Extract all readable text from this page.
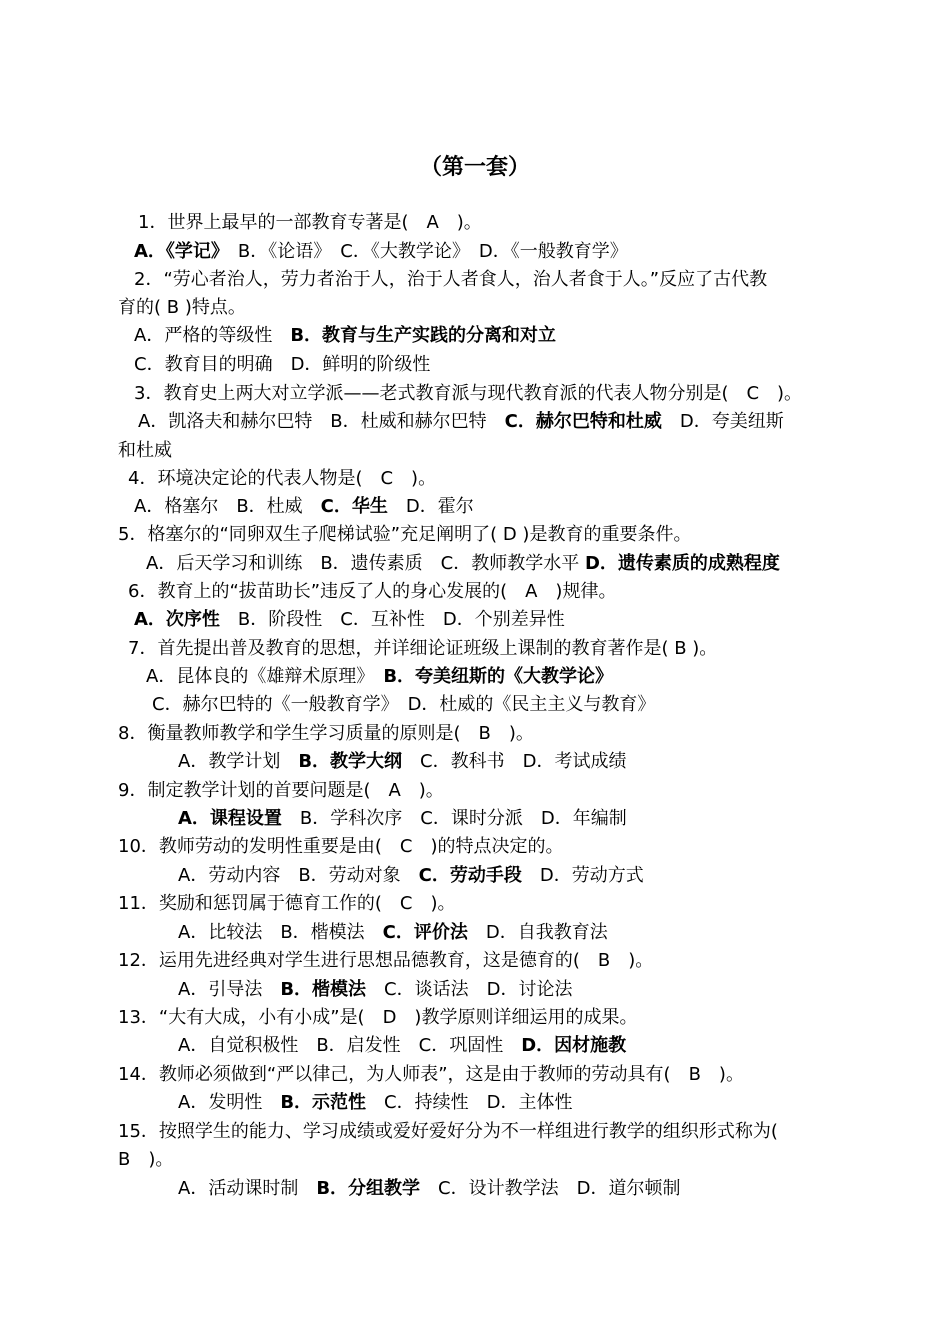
（第一套）
1．世界上最早的一部教育专著是(　A　)。
A．《学记》　B．《论语》　C．《大教学论》　D．《一般教育学》
2．“劳心者治人，劳力者治于人，治于人者食人，治人者食于人。”反应了古代教
育的( B )特点。
A．严格的等级性　B．教育与生产实践的分离和对立
C．教育目的明确　D．鲜明的阶级性
3．教育史上两大对立学派——老式教育派与现代教育派的代表人物分别是(　C　)。
A．凯洛夫和赫尔巴特　B．杜威和赫尔巴特　C．赫尔巴特和杜威　D．夸美纽斯
和杜威
4．环境决定论的代表人物是(　C　)。
A．格塞尔　B．杜威　C．华生　D．霍尔
5．格塞尔的“同卵双生子爬梯试验”充足阐明了( D )是教育的重要条件。
A．后天学习和训练　B．遗传素质　C．教师教学水平 D．遗传素质的成熟程度
6．教育上的“拔苗助长”违反了人的身心发展的(　A　)规律。
A．次序性　B．阶段性　C．互补性　D．个别差异性
7．首先提出普及教育的思想，并详细论证班级上课制的教育著作是( B )。
A．昆体良的《雄辩术原理》　B．夸美纽斯的《大教学论》
C．赫尔巴特的《一般教育学》　D．杜威的《民主主义与教育》
8．衡量教师教学和学生学习质量的原则是(　B　)。
A．教学计划　B．教学大纲　C．教科书　D．考试成绩
9．制定教学计划的首要问题是(　A　)。
A．课程设置　B．学科次序　C．课时分派　D．年编制
10．教师劳动的发明性重要是由(　C　)的特点决定的。
A．劳动内容　B．劳动对象　C．劳动手段　D．劳动方式
11．奖励和惩罚属于德育工作的(　C　)。
A．比较法　B．楷模法　C．评价法　D．自我教育法
12．运用先进经典对学生进行思想品德教育，这是德育的(　B　)。
A．引导法　B．楷模法　C．谈话法　D．讨论法
13．“大有大成，小有小成”是(　D　)教学原则详细运用的成果。
A．自觉积极性　B．启发性　C．巩固性　D．因材施教
14．教师必须做到“严以律己，为人师表”，这是由于教师的劳动具有(　B　)。
A．发明性　B．示范性　C．持续性　D．主体性
15．按照学生的能力、学习成绩或爱好爱好分为不一样组进行教学的组织形式称为(
B　)。
A．活动课时制　B．分组教学　C．设计教学法　D．道尔顿制
